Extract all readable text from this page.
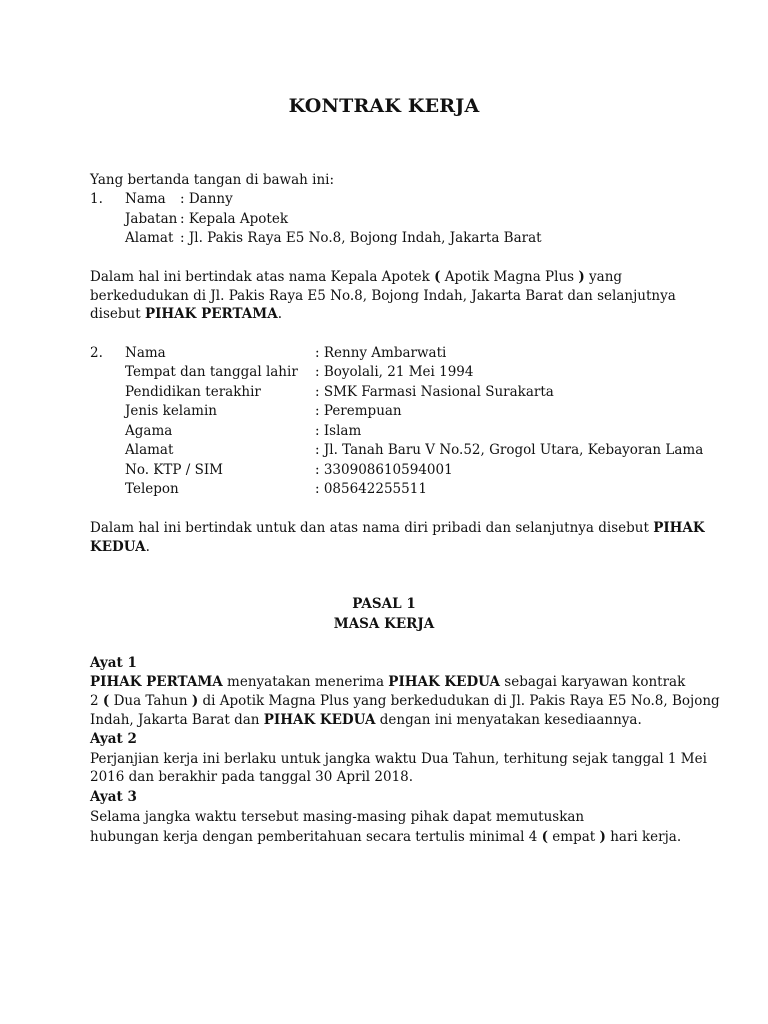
KONTRAK KERJA
Yang bertanda tangan di bawah ini:
1. Nama : Danny
Jabatan : Kepala Apotek
Alamat : Jl. Pakis Raya E5 No.8, Bojong Indah, Jakarta Barat
Dalam hal ini bertindak atas nama Kepala Apotek ( Apotik Magna Plus ) yang
berkedudukan di Jl. Pakis Raya E5 No.8, Bojong Indah, Jakarta Barat dan selanjutnya
disebut PIHAK PERTAMA.
2. Nama	: Renny Ambarwati
Tempat dan tanggal lahir : Boyolali, 21 Mei 1994
Pendidikan terakhir	: SMK Farmasi Nasional Surakarta
Jenis kelamin	: Perempuan
Agama	: Islam
Alamat	: Jl. Tanah Baru V No.52, Grogol Utara, Kebayoran Lama
No. KTP / SIM	: 330908610594001
Telepon	: 085642255511
Dalam hal ini bertindak untuk dan atas nama diri pribadi dan selanjutnya disebut PIHAK
KEDUA.
PASAL 1
MASA KERJA
Ayat 1
PIHAK PERTAMA menyatakan menerima PIHAK KEDUA sebagai karyawan kontrak
2 ( Dua Tahun ) di Apotik Magna Plus yang berkedudukan di Jl. Pakis Raya E5 No.8, Bojong
Indah, Jakarta Barat dan PIHAK KEDUA dengan ini menyatakan kesediaannya.
Ayat 2
Perjanjian kerja ini berlaku untuk jangka waktu Dua Tahun, terhitung sejak tanggal 1 Mei
2016 dan berakhir pada tanggal 30 April 2018.
Ayat 3
Selama jangka waktu tersebut masing-masing pihak dapat memutuskan
hubungan kerja dengan pemberitahuan secara tertulis minimal 4 ( empat ) hari kerja.
